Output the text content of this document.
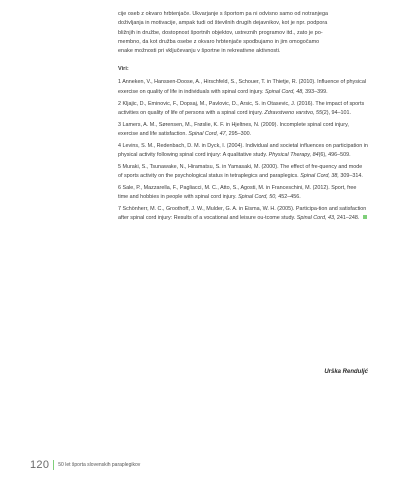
cije oseb z okvaro hrbtenjače. Ukvarjanje s športom pa ni odvisno samo od notranjega
doživljanja in motivacije, ampak tudi od številnih drugih dejavnikov, kot je npr. podpora
bližnjih in družbe, dostopnost športnih objektov, ustreznih programov itd., zato je po-
membno, da kot družba osebe z okvaro hrbtenjače spodbujamo in jim omogočamo
enake možnosti pri vključevanju v športne in rekreativne aktivnosti.
Viri:
1 Anneken, V., Hanssen-Doose, A., Hirschfeld, S., Schouer, T. in Thietje, R. (2010). Influence of physical exercise on quality of life in individuals with spinal cord injury. Spinal Cord, 48, 393–399.
2 Kljajic, D., Eminovic, F., Dopsaj, M., Pavlovic, D., Arsic, S. in Otasevic, J. (2016). The impact of sports activities on quality of life of persons with a spinal cord injury. Zdravstveno varstvo, 55(2), 94–101.
3 Lamers, A. M., Sørensen, M., Frøslie, K. F. in Hjeltnes, N. (2009). Incomplete spinal cord injury, exercise and life satisfaction. Spinal Cord, 47, 295–300.
4 Levins, S. M., Redenbach, D. M. in Dyck, I. (2004). Individual and societal influences on participation in physical activity following spinal cord injury: A qualitative study. Physical Therapy, 84(6), 496–509.
5 Muraki, S., Tsunawake, N., Hiramatsu, S. in Yamasaki, M. (2000). The effect of fre-quency and mode of sports activity on the psychological status in tetraplegics and paraplegics. Spinal Cord, 38, 309–314.
6 Sale, P., Mazzarella, F., Pagliacci, M. C., Atto, S., Agosti, M. in Franceschini, M. (2012). Sport, free time and hobbies in people with spinal cord injury. Spinal Cord, 50, 452–456.
7 Schönherr, M. C., Groothoff, J. W., Mulder, G. A. in Eisma, W. H. (2005). Participa-tion and satisfaction after spinal cord injury: Results of a vocational and leisure ou-tcome study. Spinal Cord, 43, 241–248.
Urška Renduljć
120 50 let športa slovenskih paraplegikov
